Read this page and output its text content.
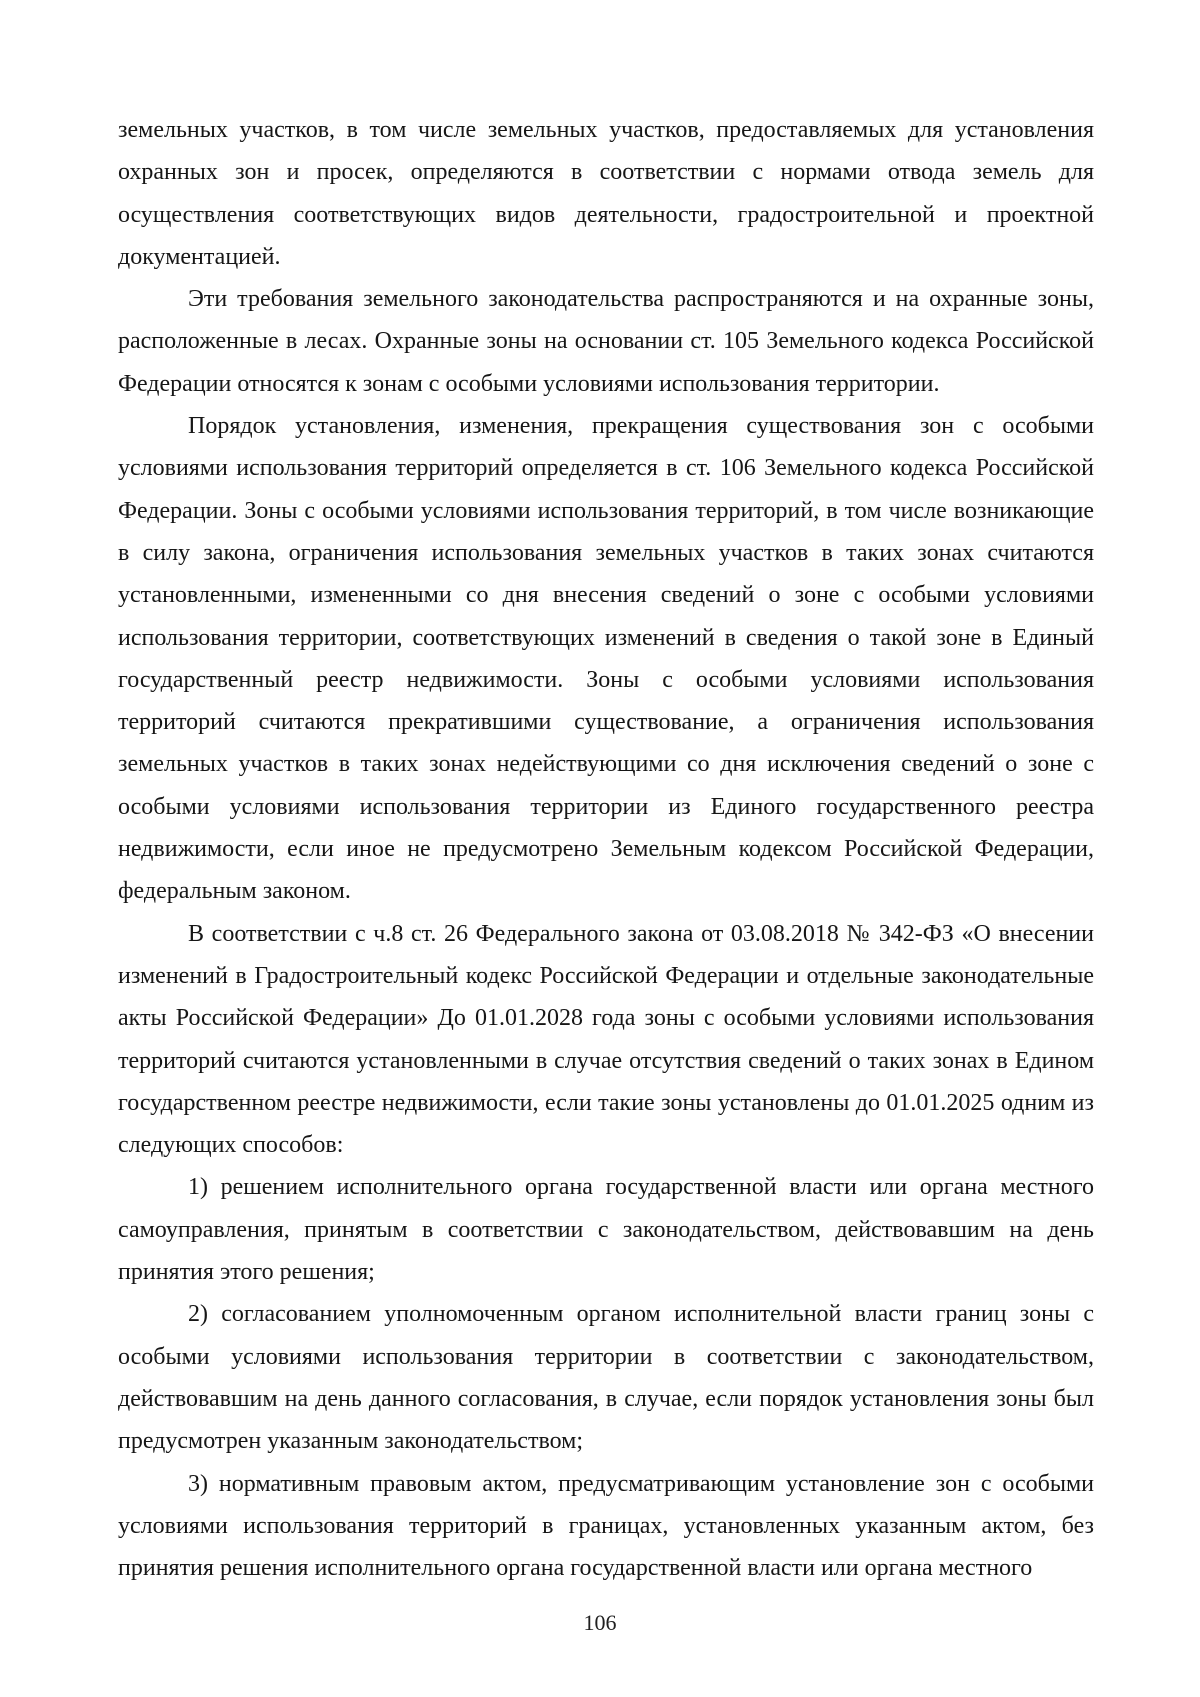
земельных участков, в том числе земельных участков, предоставляемых для установления охранных зон и просек, определяются в соответствии с нормами отвода земель для осуществления соответствующих видов деятельности, градостроительной и проектной документацией.

Эти требования земельного законодательства распространяются и на охранные зоны, расположенные в лесах. Охранные зоны на основании ст. 105 Земельного кодекса Российской Федерации относятся к зонам с особыми условиями использования территории.

Порядок установления, изменения, прекращения существования зон с особыми условиями использования территорий определяется в ст. 106 Земельного кодекса Российской Федерации. Зоны с особыми условиями использования территорий, в том числе возникающие в силу закона, ограничения использования земельных участков в таких зонах считаются установленными, измененными со дня внесения сведений о зоне с особыми условиями использования территории, соответствующих изменений в сведения о такой зоне в Единый государственный реестр недвижимости. Зоны с особыми условиями использования территорий считаются прекратившими существование, а ограничения использования земельных участков в таких зонах недействующими со дня исключения сведений о зоне с особыми условиями использования территории из Единого государственного реестра недвижимости, если иное не предусмотрено Земельным кодексом Российской Федерации, федеральным законом.

В соответствии с ч.8 ст. 26 Федерального закона от 03.08.2018 № 342-ФЗ «О внесении изменений в Градостроительный кодекс Российской Федерации и отдельные законодательные акты Российской Федерации» До 01.01.2028 года зоны с особыми условиями использования территорий считаются установленными в случае отсутствия сведений о таких зонах в Едином государственном реестре недвижимости, если такие зоны установлены до 01.01.2025 одним из следующих способов:

1) решением исполнительного органа государственной власти или органа местного самоуправления, принятым в соответствии с законодательством, действовавшим на день принятия этого решения;

2) согласованием уполномоченным органом исполнительной власти границ зоны с особыми условиями использования территории в соответствии с законодательством, действовавшим на день данного согласования, в случае, если порядок установления зоны был предусмотрен указанным законодательством;

3) нормативным правовым актом, предусматривающим установление зон с особыми условиями использования территорий в границах, установленных указанным актом, без принятия решения исполнительного органа государственной власти или органа местного

106
